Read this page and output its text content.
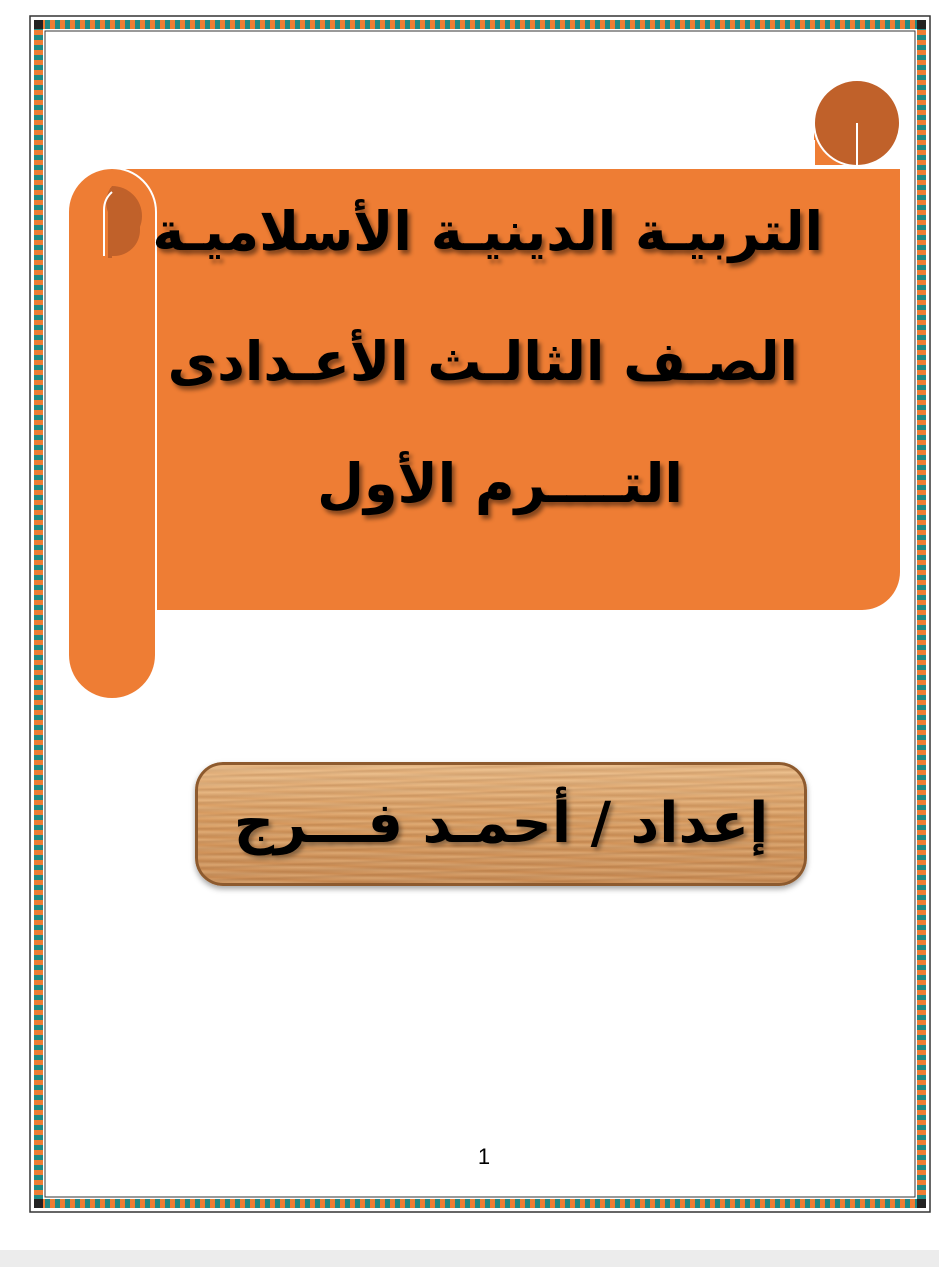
التربيـة الدينيـة الأسلاميـة
الصـف الثالـث الأعـدادى
التــــرم الأول

إعداد / أحمـد فـــرج

1
